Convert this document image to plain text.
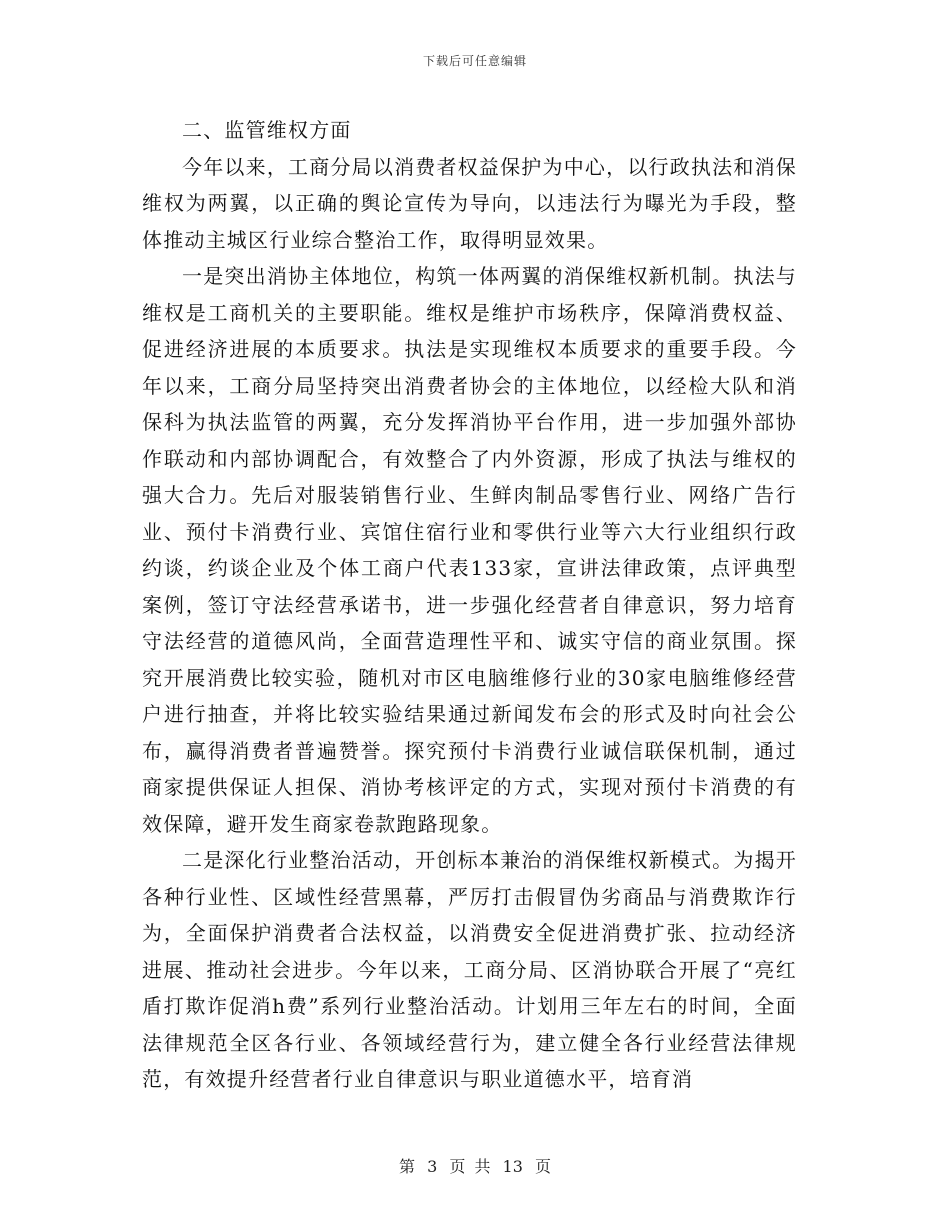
下载后可任意编辑

二、监管维权方面

今年以来，工商分局以消费者权益保护为中心，以行政执法和消保维权为两翼，以正确的舆论宣传为导向，以违法行为曝光为手段，整体推动主城区行业综合整治工作，取得明显效果。

一是突出消协主体地位，构筑一体两翼的消保维权新机制。执法与维权是工商机关的主要职能。维权是维护市场秩序，保障消费权益、促进经济进展的本质要求。执法是实现维权本质要求的重要手段。今年以来，工商分局坚持突出消费者协会的主体地位，以经检大队和消保科为执法监管的两翼，充分发挥消协平台作用，进一步加强外部协作联动和内部协调配合，有效整合了内外资源，形成了执法与维权的强大合力。先后对服装销售行业、生鲜肉制品零售行业、网络广告行业、预付卡消费行业、宾馆住宿行业和零供行业等六大行业组织行政约谈，约谈企业及个体工商户代表133家，宣讲法律政策，点评典型案例，签订守法经营承诺书，进一步强化经营者自律意识，努力培育守法经营的道德风尚，全面营造理性平和、诚实守信的商业氛围。探究开展消费比较实验，随机对市区电脑维修行业的30家电脑维修经营户进行抽查，并将比较实验结果通过新闻发布会的形式及时向社会公布，赢得消费者普遍赞誉。探究预付卡消费行业诚信联保机制，通过商家提供保证人担保、消协考核评定的方式，实现对预付卡消费的有效保障，避开发生商家卷款跑路现象。

二是深化行业整治活动，开创标本兼治的消保维权新模式。为揭开各种行业性、区域性经营黑幕，严厉打击假冒伪劣商品与消费欺诈行为，全面保护消费者合法权益，以消费安全促进消费扩张、拉动经济进展、推动社会进步。今年以来，工商分局、区消协联合开展了“亮红盾打欺诈促消h费”系列行业整治活动。计划用三年左右的时间，全面法律规范全区各行业、各领域经营行为，建立健全各行业经营法律规范，有效提升经营者行业自律意识与职业道德水平，培育消

第 3 页 共 13 页
